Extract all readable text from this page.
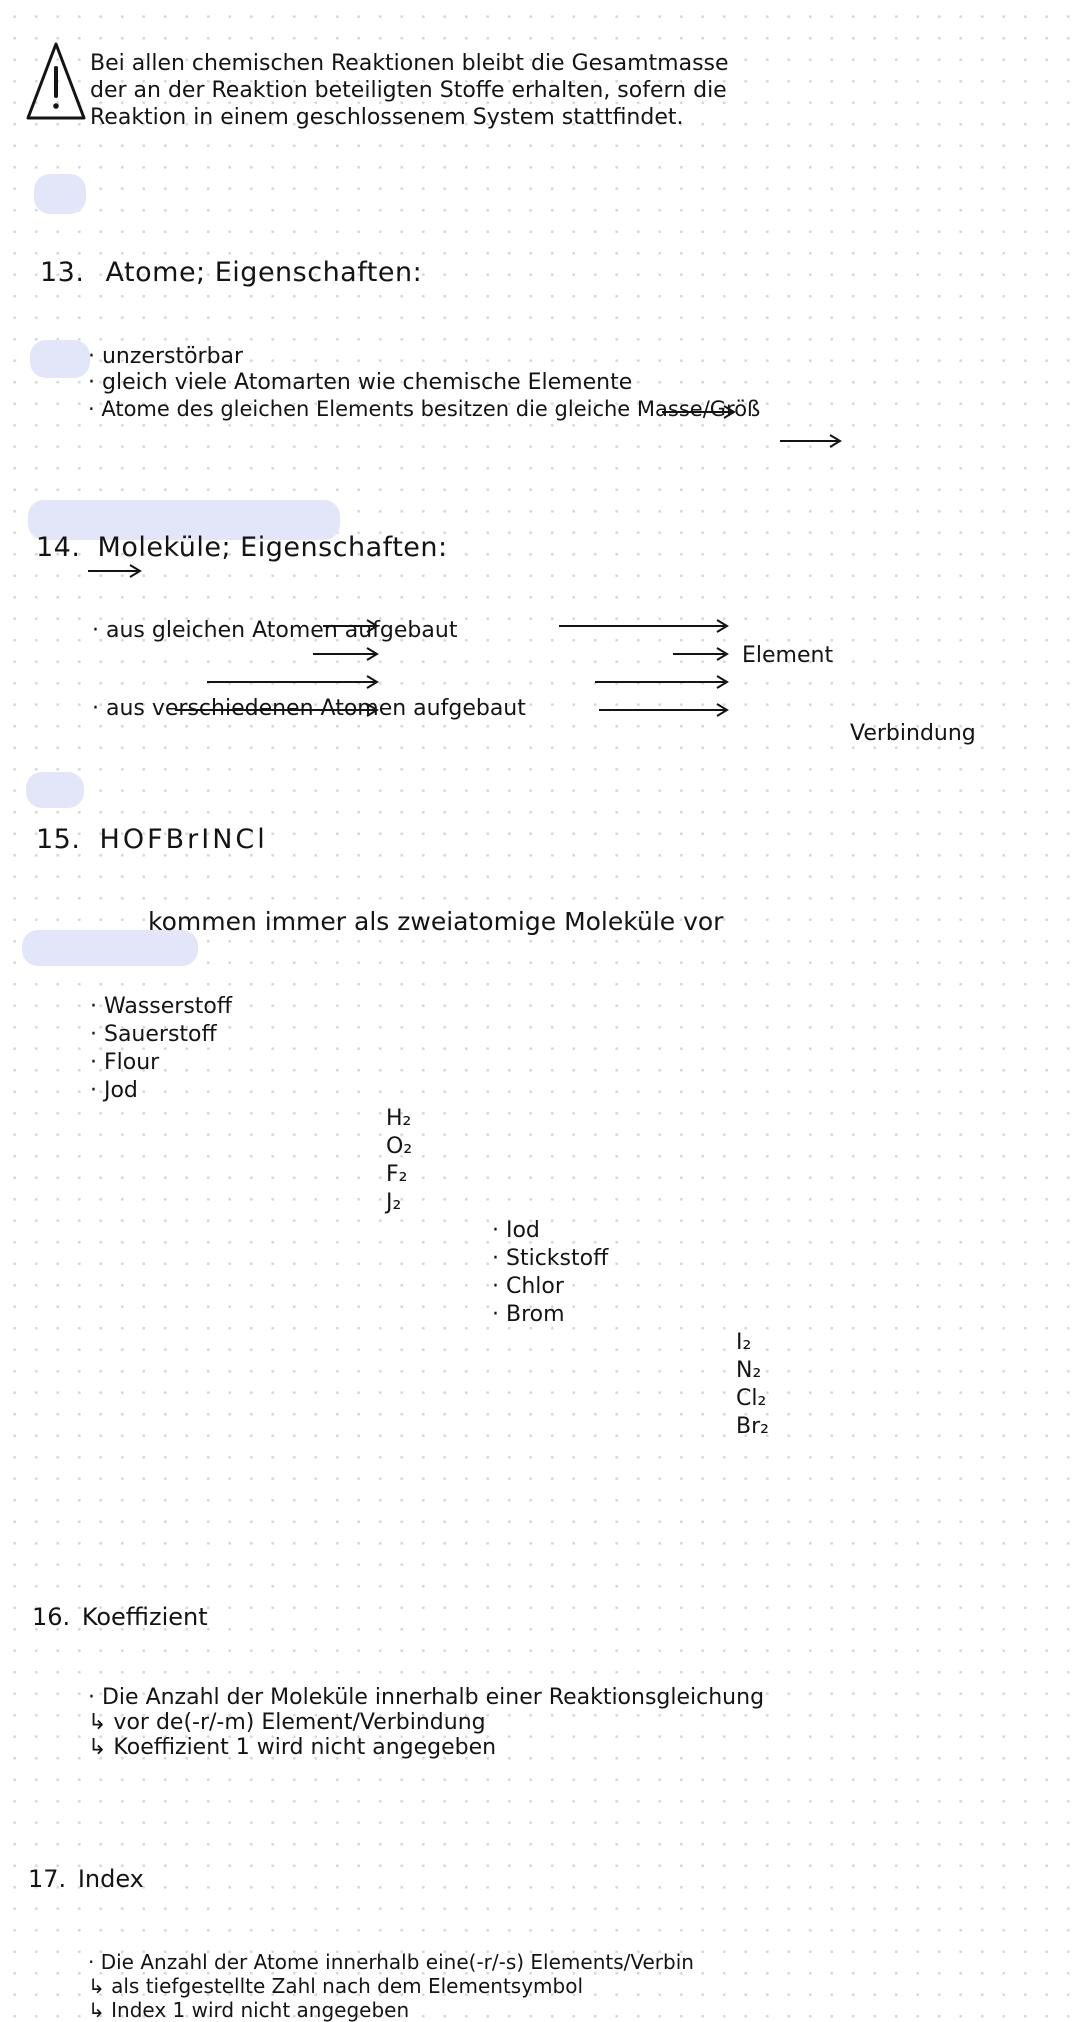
Bei allen chemischen Reaktionen bleibt die Gesamtmasse
der an der Reaktion beteiligten Stoffe erhalten, sofern die
Reaktion in einem geschlossenem System stattfindet.
13. Atome; Eigenschaften:
· unzerstörbar
· gleich viele Atomarten wie chemische Elemente
· Atome des gleichen Elements besitzen die gleiche Masse/Größ
14. Moleküle; Eigenschaften:
· aus gleichen Atomen aufgebaut
Element
· aus verschiedenen Atomen aufgebaut
Verbindung
15. HOFBrINCl
kommen immer als zweiatomige Moleküle vor
· Wasserstoff
· Sauerstoff
· Flour
· Jod
H₂
O₂
F₂
J₂
· Iod
· Stickstoff
· Chlor
· Brom
I₂
N₂
Cl₂
Br₂
16. Koeffizient
· Die Anzahl der Moleküle innerhalb einer Reaktionsgleichung
↳ vor de(-r/-m) Element/Verbindung
↳ Koeffizient 1 wird nicht angegeben
17. Index
· Die Anzahl der Atome innerhalb eine(-r/-s) Elements/Verbin
↳ als tiefgestellte Zahl nach dem Elementsymbol
↳ Index 1 wird nicht angegeben
